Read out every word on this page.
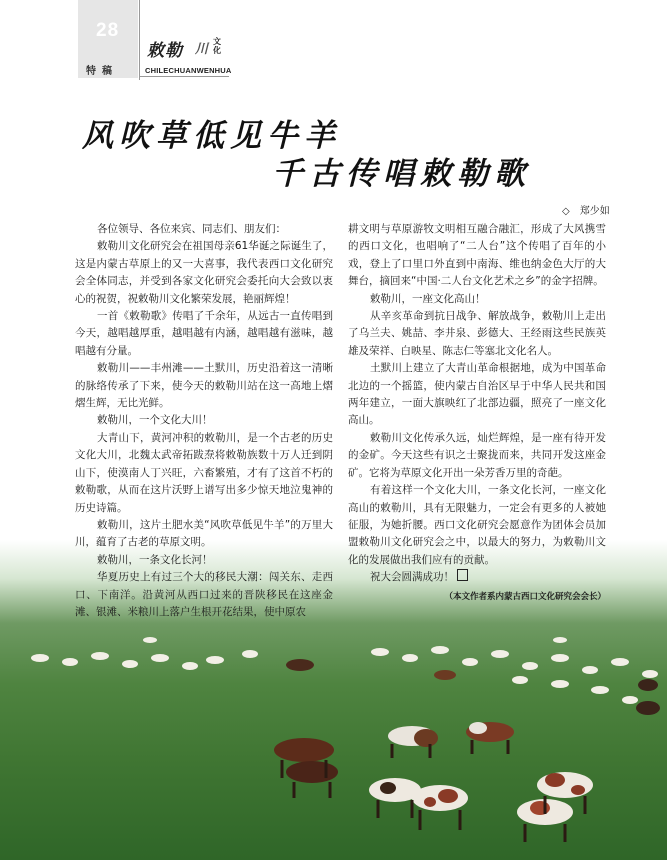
28
特稿
敕勒 川
文化
CHILECHUANWENHUA
风吹草低见牛羊
千古传唱敕勒歌
◇ 郑少如

各位领导、各位来宾、同志们、朋友们：

敕勒川文化研究会在祖国母亲61华诞之际诞生了，这是内蒙古草原上的又一大喜事，我代表西口文化研究会全体同志，并受到各家文化研究会委托向大会致以衷心的祝贺，祝敕勒川文化繁荣发展，艳丽辉煌！

一首《敕勒歌》传唱了千余年，从远古一直传唱到今天，越唱越厚重，越唱越有内涵，越唱越有滋味，越唱越有分量。

敕勒川——丰州滩——土默川，历史沿着这一清晰的脉络传承了下来，使今天的敕勒川站在这一高地上熠熠生辉，无比光鲜。

敕勒川，一个文化大川！

大青山下，黄河冲积的敕勒川，是一个古老的历史文化大川，北魏太武帝拓跋焘将敕勒族数十万人迁到阴山下，使漠南人丁兴旺，六畜繁殖，才有了这首不朽的敕勒歌，从而在这片沃野上谱写出多少惊天地泣鬼神的历史诗篇。

敕勒川，这片土肥水美“风吹草低见牛羊”的万里大川，蕴育了古老的草原文明。

敕勒川，一条文化长河！

华夏历史上有过三个大的移民大潮：闯关东、走西口、下南洋。沿黄河从西口过来的晋陕移民在这座金滩、银滩、米粮川上落户生根开花结果，使中原农

耕文明与草原游牧文明相互融合融汇，形成了大风携雪的西口文化，也唱响了“二人台”这个传唱了百年的小戏，登上了口里口外直到中南海、维也纳金色大厅的大舞台，摘回来“中国·二人台文化艺术之乡”的金字招牌。

敕勒川，一座文化高山！

从辛亥革命到抗日战争、解放战争，敕勒川上走出了乌兰夫、姚喆、李井泉、彭德大、王经雨这些民族英雄及荣祥、白映星、陈志仁等塞北文化名人。

土默川上建立了大青山革命根据地，成为中国革命北边的一个摇篮，使内蒙古自治区早于中华人民共和国两年建立，一面大旗映红了北部边疆，照亮了一座文化高山。

敕勒川文化传承久远，灿烂辉煌，是一座有待开发的金矿。今天这些有识之士聚拢而来，共同开发这座金矿。它将为草原文化开出一朵芳香万里的奇葩。

有着这样一个文化大川，一条文化长河，一座文化高山的敕勒川，具有无限魅力，一定会有更多的人被她征服，为她折腰。西口文化研究会愿意作为团体会员加盟敕勒川文化研究会之中，以最大的努力，为敕勒川文化的发展做出我们应有的贡献。

祝大会圆满成功！

（本文作者系内蒙古西口文化研究会会长）
